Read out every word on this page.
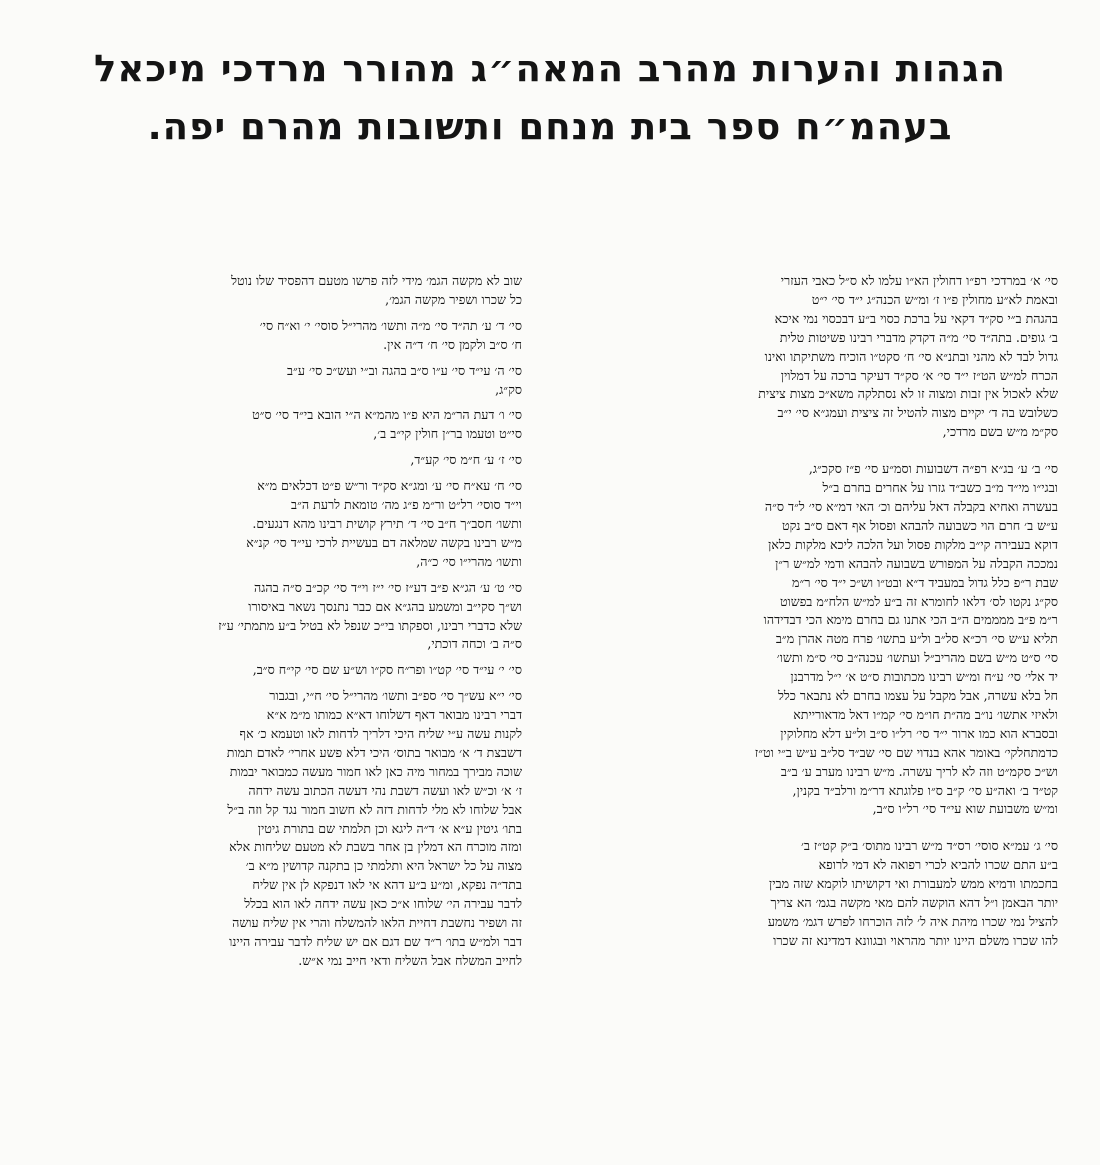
הגהות והערות מהרב המאה״ג מהורר מרדכי מיכאל
בעהמ״ח ספר בית מנחם ותשובות מהרם יפה.

סי׳ א׳ במרדכי רפ״ו דחולין הא״ו עלמו לא ס״ל כאבי העזרי
ובאמת לא״ע מחולין פ״ו ז׳ ומ״ש הכנה״ג י״ד סי׳ י״ט
בהגהת ב״י סק״ד דקאי על ברכת כסוי ב״ע דבכסוי נמי איכא
ב׳ גופים. בתה״ד סי׳ מ״ה דקדק מדברי רבינו פשיטות טלית
גדול לבד לא מהני ובתנ״א סי׳ ח׳ סקט״ו הוכיח משתיקתו ואינו
הכרח למ״ש הט״ז י״ד סי׳ א׳ סק״ד דעיקר ברכה על דמלוין
שלא לאכול אין זבות ומצוה זו לא נסתלקה משא״כ מצות ציצית
כשלובש בה ד׳ יקיים מצוה להטיל זה ציצית ועמג״א סי׳ י״ב
סק״מ מ״ש בשם מרדכי,

סי׳ ב׳ ע׳ בג״א רפ״ה דשבועות וסמ״ע סי׳ פ״ז סקכ״ג,
ובגי״ו מי״ד מ״ב כשב״ד גזרו על אחרים בחרם ב״ל
בעשרה ואחיא בקבלה דאל עליהם וכ׳ האי דמ״א סי׳ ל״ד ס״ה
ע״ש ב׳ חרם הוי כשבועה להבהא ופסול אף דאם ס״ב נקט
דוקא בעבירה קי״ב מלקות פסול ועל הלכה ליכא מלקות כלאן
נמככה הקבלה על המפורש בשבועה להבהא ודמי למ״ש ר״ן
שבת ר״פ כלל גדול במעביד ד״א ובט״ו וש״כ י״ד סי׳ ר״מ
סק״ג נקטו לס׳ דלאו לחומרא זה ב״ע למ״ש הלח״מ בפשוט
ר״מ פ״ב ממממים ה״ב הכי אתנו גם בחרם מימא הכי דבדידהו
תליא ע״ש סי׳ רכ״א סל״ב ול״ע בתשו׳ פרח מטה אהרן מ״ב
סי׳ ס״ט מ״ש בשם מהריב״ל ועתשו׳ עכנה״ב סי׳ ס״מ ותשו׳
יד אלי׳ סי׳ ע״ח ומ״ש רבינו מכתובות ס״ט א׳ י״ל מדרבנן
חל בלא עשרה, אבל מקבל על עצמו בחרם לא נתבאר כלל
ולאיזי אתשו׳ נו״ב מה״ת חו״מ סי׳ קמ״ו דאל מדאורייתא
ובסברא הוא כמו ארור י״ד סי׳ רל״ו ס״ב ול״ע דלא מחלוקין
כדמתחלקי׳ באומר אהא בנדוי שם סי׳ שב״ד סל״ב ע״ש ב״י וט״ז
וש״כ סקמ״ט וזה לא לריך עשרה. מ״ש רבינו מערב ע׳ ב״ב
קט״ד ב׳ ואה״ע סי׳ ק״ב ס״ו פלוגתא דר״מ ורלב״ד בקנין,
ומ״ש משבועת שוא עי״ד סי׳ רל״ו ס״ב,

סי׳ ג׳ עמ״א סוסי׳ רס״ד מ״ש רבינו מתוס׳ ב״ק קט״ז ב׳
ב״ע התם שכרו להביא לכרי רפואה לא דמי לרופא
בחכמתו ודמיא ממש למעבורת ואי דקושיתו לוקמא שזה מבין
יותר הבאמן ו״ל דהא הוקשה להם מאי מקשה בגמ׳ הא צריך
להציל נמי שכרו מיהת איה ל׳ לזה הוכרחו לפרש דגמ׳ משמע
להו שכרו משלם היינו יותר מהראוי ובגוונא דמדינא זה שכרו

שוב לא מקשה הגמ׳ מידי לזה פרשו מטעם דהפסיד שלו נוטל
כל שכרו ושפיר מקשה הגמ׳,

סי׳ ד׳ ע׳ תה״ד סי׳ מ״ה ותשו׳ מהרי״ל סוסי׳ י׳ וא״ח סי׳
ח׳ ס״ב ולקמן סי׳ ח׳ ד״ה אין.

סי׳ ה׳ עי״ד סי׳ ע״ו ס״ב בהגה וב״י ועש״כ סי׳ ע״ב
סק״ג,

סי׳ ו׳ דעת הר״מ היא פ״ו מהמ״א ה״י הובא בי״ד סי׳ ס״ט
סי״ט וטעמו בר״ן חולין קי״ב ב׳,

סי׳ ז׳ ע׳ ח״מ סי׳ קע״ד,

סי׳ ח׳ עא״ח סי׳ ע׳ ומג״א סק״ד ור״ש פ״ט דכלאים מ״א
וי״ד סוסי׳ רל״ט ור״מ פ״ג מה׳ טומאת לרעת ה״ב
ותשו׳ חסב״ך ח״ב סי׳ ד׳ תירץ קושית רבינו מהא דנגעים.
מ״ש רבינו בקשה שמלאה דם בעשיית לרכי עי״ד סי׳ קנ״א
ותשו׳ מהרי״ו סי׳ כ״ה,

סי׳ ט׳ ע׳ הג״א פ״ב דע״ז סי׳ י״ז וי״ד סי׳ קכ״ב ס״ה בהגה
וש״ך סקי״ב ומשמע בהג״א אם כבר נתנסך נשאר באיסורו
שלא כדברי רבינו, וספקתו בי״כ שנפל לא בטיל ב״ע מתמתי׳ ע״ז
ס״ה ב׳ וכחה דוכתי,

סי׳ י׳ עי״ד סי׳ קט״ו ופר״ח סק״ו וש״ע שם סי׳ קי״ח ס״ב,

סי׳ י״א עש״ך סי׳ ספ״ב ותשו׳ מהרי״ל סי׳ ח״י, ובגבור
דברי רבינו מבואר דאף דשלוחו דא״א כמותו מ״מ א״א
לקנות עשה ע״י שליח היכי דלריך לדחות לאו וטעמא כ׳ אף
דשבצת ד׳ א׳ מבואר בתוס׳ היכי דלא פשע אחרי׳ לאדם תמות
שוכה מבירך במחור מיה כאן לאו חמור מעשה כמבואר יבמות
ז׳ א׳ וכ״ש לאו ועשה דשבת נהי דעשה הכתוב עשה ידחה
אבל שלוחו לא מלי לדחות דזה לא חשוב חמור נגד קל וזה ב״ל
בתו׳ גיטין ע״א א׳ ד״ה ליגא וכן תלמתי שם בתורת גיטין
ומזה מוכרח הא דמלין בן אחר בשבת לא מטעם שליחות אלא
מצוה על כל ישראל היא ותלמתי כן בתקנה קדושין מ״א ב׳
בתד״ה נפקא, ומ״ע ב״ע דהא אי לאו דנפקא לן אין שליח
לדבר עבירה הי׳ שלוחו א״כ כאן עשה ידחה לאו הוא בכלל
זה ושפיר נחשבת דחיית הלאו להמשלח והרי אין שליח עושה
דבר ולמ״ש בתו׳ ר״ד שם דגם אם יש שליח לדבר עבירה היינו
לחייב המשלח אבל השליח ודאי חייב נמי א״ש.
